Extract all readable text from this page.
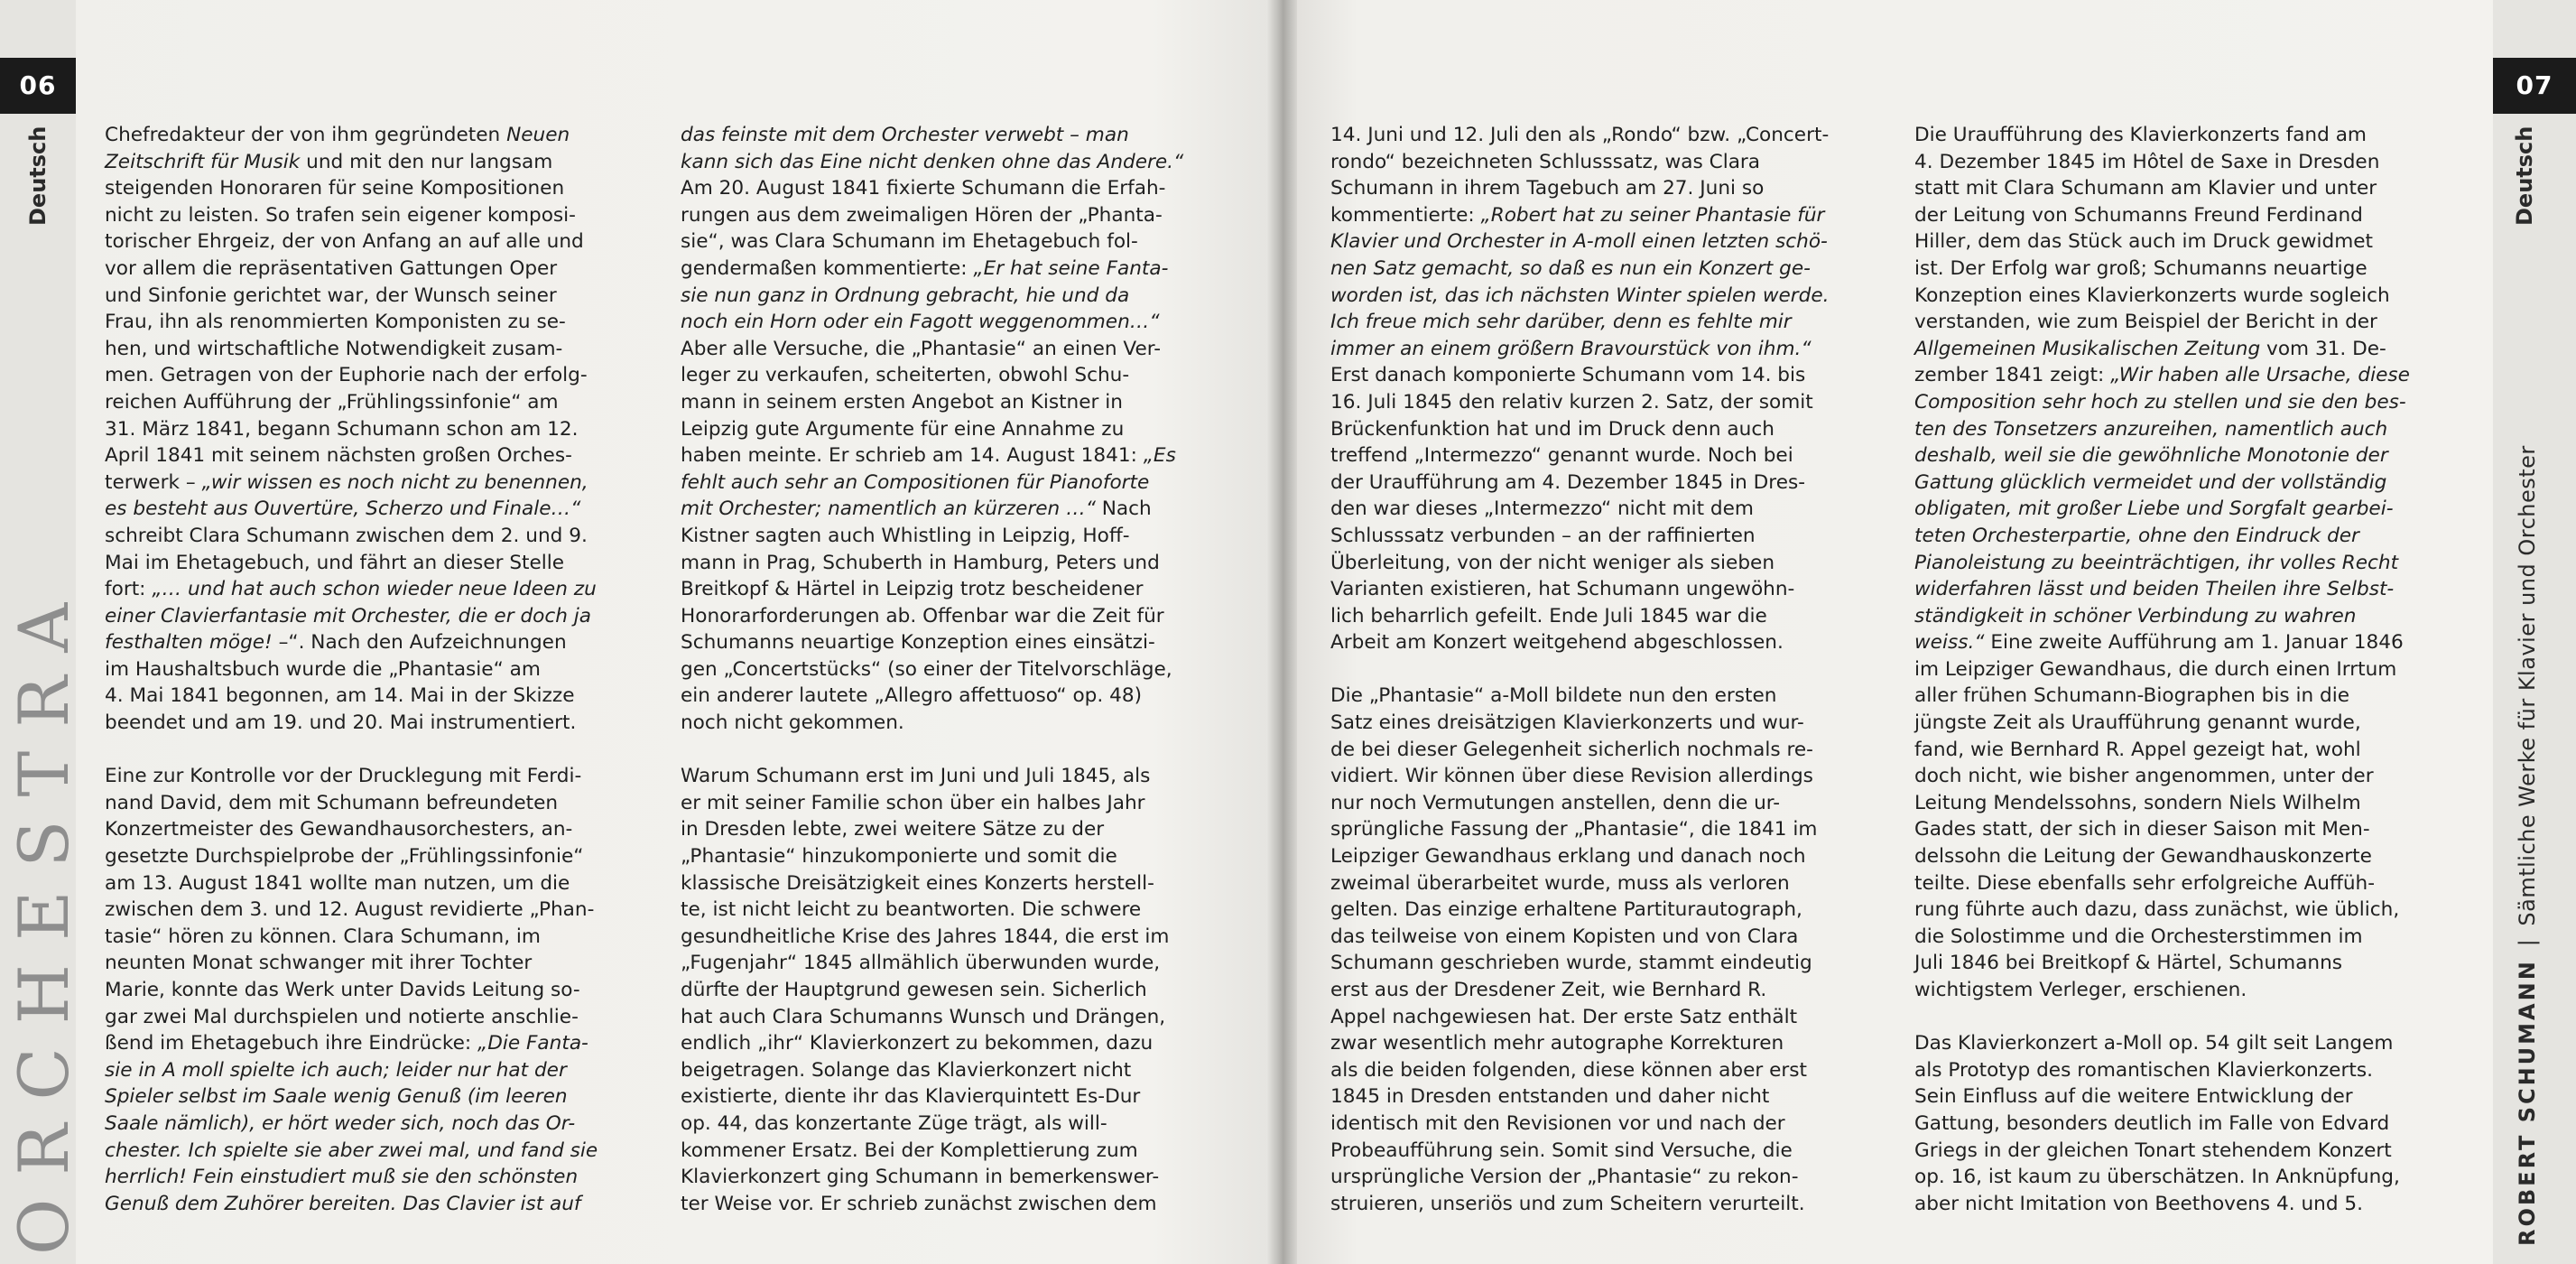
06
Deutsch
ORCHESTRA
Chefredakteur der von ihm gegründeten Neuen
Zeitschrift für Musik und mit den nur langsam
steigenden Honoraren für seine Kompositionen
nicht zu leisten. So trafen sein eigener komposi-
torischer Ehrgeiz, der von Anfang an auf alle und
vor allem die repräsentativen Gattungen Oper
und Sinfonie gerichtet war, der Wunsch seiner
Frau, ihn als renommierten Komponisten zu se-
hen, und wirtschaftliche Notwendigkeit zusam-
men. Getragen von der Euphorie nach der erfolg-
reichen Aufführung der „Frühlingssinfonie“ am
31. März 1841, begann Schumann schon am 12.
April 1841 mit seinem nächsten großen Orches-
terwerk – „wir wissen es noch nicht zu benennen,
es besteht aus Ouvertüre, Scherzo und Finale…“
schreibt Clara Schumann zwischen dem 2. und 9.
Mai im Ehetagebuch, und fährt an dieser Stelle
fort: „… und hat auch schon wieder neue Ideen zu
einer Clavierfantasie mit Orchester, die er doch ja
festhalten möge! –“. Nach den Aufzeichnungen
im Haushaltsbuch wurde die „Phantasie“ am
4. Mai 1841 begonnen, am 14. Mai in der Skizze
beendet und am 19. und 20. Mai instrumentiert.
Eine zur Kontrolle vor der Drucklegung mit Ferdi-
nand David, dem mit Schumann befreundeten
Konzertmeister des Gewandhausorchesters, an-
gesetzte Durchspielprobe der „Frühlingssinfonie“
am 13. August 1841 wollte man nutzen, um die
zwischen dem 3. und 12. August revidierte „Phan-
tasie“ hören zu können. Clara Schumann, im
neunten Monat schwanger mit ihrer Tochter
Marie, konnte das Werk unter Davids Leitung so-
gar zwei Mal durchspielen und notierte anschlie-
ßend im Ehetagebuch ihre Eindrücke: „Die Fanta-
sie in A moll spielte ich auch; leider nur hat der
Spieler selbst im Saale wenig Genuß (im leeren
Saale nämlich), er hört weder sich, noch das Or-
chester. Ich spielte sie aber zwei mal, und fand sie
herrlich! Fein einstudiert muß sie den schönsten
Genuß dem Zuhörer bereiten. Das Clavier ist auf
das feinste mit dem Orchester verwebt – man
kann sich das Eine nicht denken ohne das Andere.“
Am 20. August 1841 fixierte Schumann die Erfah-
rungen aus dem zweimaligen Hören der „Phanta-
sie“, was Clara Schumann im Ehetagebuch fol-
gendermaßen kommentierte: „Er hat seine Fanta-
sie nun ganz in Ordnung gebracht, hie und da
noch ein Horn oder ein Fagott weggenommen…“
Aber alle Versuche, die „Phantasie“ an einen Ver-
leger zu verkaufen, scheiterten, obwohl Schu-
mann in seinem ersten Angebot an Kistner in
Leipzig gute Argumente für eine Annahme zu
haben meinte. Er schrieb am 14. August 1841: „Es
fehlt auch sehr an Compositionen für Pianoforte
mit Orchester; namentlich an kürzeren …“ Nach
Kistner sagten auch Whistling in Leipzig, Hoff-
mann in Prag, Schuberth in Hamburg, Peters und
Breitkopf & Härtel in Leipzig trotz bescheidener
Honorarforderungen ab. Offenbar war die Zeit für
Schumanns neuartige Konzeption eines einsätzi-
gen „Concertstücks“ (so einer der Titelvorschläge,
ein anderer lautete „Allegro affettuoso“ op. 48)
noch nicht gekommen.
Warum Schumann erst im Juni und Juli 1845, als
er mit seiner Familie schon über ein halbes Jahr
in Dresden lebte, zwei weitere Sätze zu der
„Phantasie“ hinzukomponierte und somit die
klassische Dreisätzigkeit eines Konzerts herstell-
te, ist nicht leicht zu beantworten. Die schwere
gesundheitliche Krise des Jahres 1844, die erst im
„Fugenjahr“ 1845 allmählich überwunden wurde,
dürfte der Hauptgrund gewesen sein. Sicherlich
hat auch Clara Schumanns Wunsch und Drängen,
endlich „ihr“ Klavierkonzert zu bekommen, dazu
beigetragen. Solange das Klavierkonzert nicht
existierte, diente ihr das Klavierquintett Es-Dur
op. 44, das konzertante Züge trägt, als will-
kommener Ersatz. Bei der Komplettierung zum
Klavierkonzert ging Schumann in bemerkenswer-
ter Weise vor. Er schrieb zunächst zwischen dem
07
Deutsch
ROBERT SCHUMANN|Sämtliche Werke für Klavier und Orchester
14. Juni und 12. Juli den als „Rondo“ bzw. „Concert-
rondo“ bezeichneten Schlusssatz, was Clara
Schumann in ihrem Tagebuch am 27. Juni so
kommentierte: „Robert hat zu seiner Phantasie für
Klavier und Orchester in A-moll einen letzten schö-
nen Satz gemacht, so daß es nun ein Konzert ge-
worden ist, das ich nächsten Winter spielen werde.
Ich freue mich sehr darüber, denn es fehlte mir
immer an einem größern Bravourstück von ihm.“
Erst danach komponierte Schumann vom 14. bis
16. Juli 1845 den relativ kurzen 2. Satz, der somit
Brückenfunktion hat und im Druck denn auch
treffend „Intermezzo“ genannt wurde. Noch bei
der Uraufführung am 4. Dezember 1845 in Dres-
den war dieses „Intermezzo“ nicht mit dem
Schlusssatz verbunden – an der raffinierten
Überleitung, von der nicht weniger als sieben
Varianten existieren, hat Schumann ungewöhn-
lich beharrlich gefeilt. Ende Juli 1845 war die
Arbeit am Konzert weitgehend abgeschlossen.
Die „Phantasie“ a-Moll bildete nun den ersten
Satz eines dreisätzigen Klavierkonzerts und wur-
de bei dieser Gelegenheit sicherlich nochmals re-
vidiert. Wir können über diese Revision allerdings
nur noch Vermutungen anstellen, denn die ur-
sprüngliche Fassung der „Phantasie“, die 1841 im
Leipziger Gewandhaus erklang und danach noch
zweimal überarbeitet wurde, muss als verloren
gelten. Das einzige erhaltene Partiturautograph,
das teilweise von einem Kopisten und von Clara
Schumann geschrieben wurde, stammt eindeutig
erst aus der Dresdener Zeit, wie Bernhard R.
Appel nachgewiesen hat. Der erste Satz enthält
zwar wesentlich mehr autographe Korrekturen
als die beiden folgenden, diese können aber erst
1845 in Dresden entstanden und daher nicht
identisch mit den Revisionen vor und nach der
Probeaufführung sein. Somit sind Versuche, die
ursprüngliche Version der „Phantasie“ zu rekon-
struieren, unseriös und zum Scheitern verurteilt.
Die Uraufführung des Klavierkonzerts fand am
4. Dezember 1845 im Hôtel de Saxe in Dresden
statt mit Clara Schumann am Klavier und unter
der Leitung von Schumanns Freund Ferdinand
Hiller, dem das Stück auch im Druck gewidmet
ist. Der Erfolg war groß; Schumanns neuartige
Konzeption eines Klavierkonzerts wurde sogleich
verstanden, wie zum Beispiel der Bericht in der
Allgemeinen Musikalischen Zeitung vom 31. De-
zember 1841 zeigt: „Wir haben alle Ursache, diese
Composition sehr hoch zu stellen und sie den bes-
ten des Tonsetzers anzureihen, namentlich auch
deshalb, weil sie die gewöhnliche Monotonie der
Gattung glücklich vermeidet und der vollständig
obligaten, mit großer Liebe und Sorgfalt gearbei-
teten Orchesterpartie, ohne den Eindruck der
Pianoleistung zu beeinträchtigen, ihr volles Recht
widerfahren lässt und beiden Theilen ihre Selbst-
ständigkeit in schöner Verbindung zu wahren
weiss.“ Eine zweite Aufführung am 1. Januar 1846
im Leipziger Gewandhaus, die durch einen Irrtum
aller frühen Schumann-Biographen bis in die
jüngste Zeit als Uraufführung genannt wurde,
fand, wie Bernhard R. Appel gezeigt hat, wohl
doch nicht, wie bisher angenommen, unter der
Leitung Mendelssohns, sondern Niels Wilhelm
Gades statt, der sich in dieser Saison mit Men-
delssohn die Leitung der Gewandhauskonzerte
teilte. Diese ebenfalls sehr erfolgreiche Auffüh-
rung führte auch dazu, dass zunächst, wie üblich,
die Solostimme und die Orchesterstimmen im
Juli 1846 bei Breitkopf & Härtel, Schumanns
wichtigstem Verleger, erschienen.
Das Klavierkonzert a-Moll op. 54 gilt seit Langem
als Prototyp des romantischen Klavierkonzerts.
Sein Einfluss auf die weitere Entwicklung der
Gattung, besonders deutlich im Falle von Edvard
Griegs in der gleichen Tonart stehendem Konzert
op. 16, ist kaum zu überschätzen. In Anknüpfung,
aber nicht Imitation von Beethovens 4. und 5.
